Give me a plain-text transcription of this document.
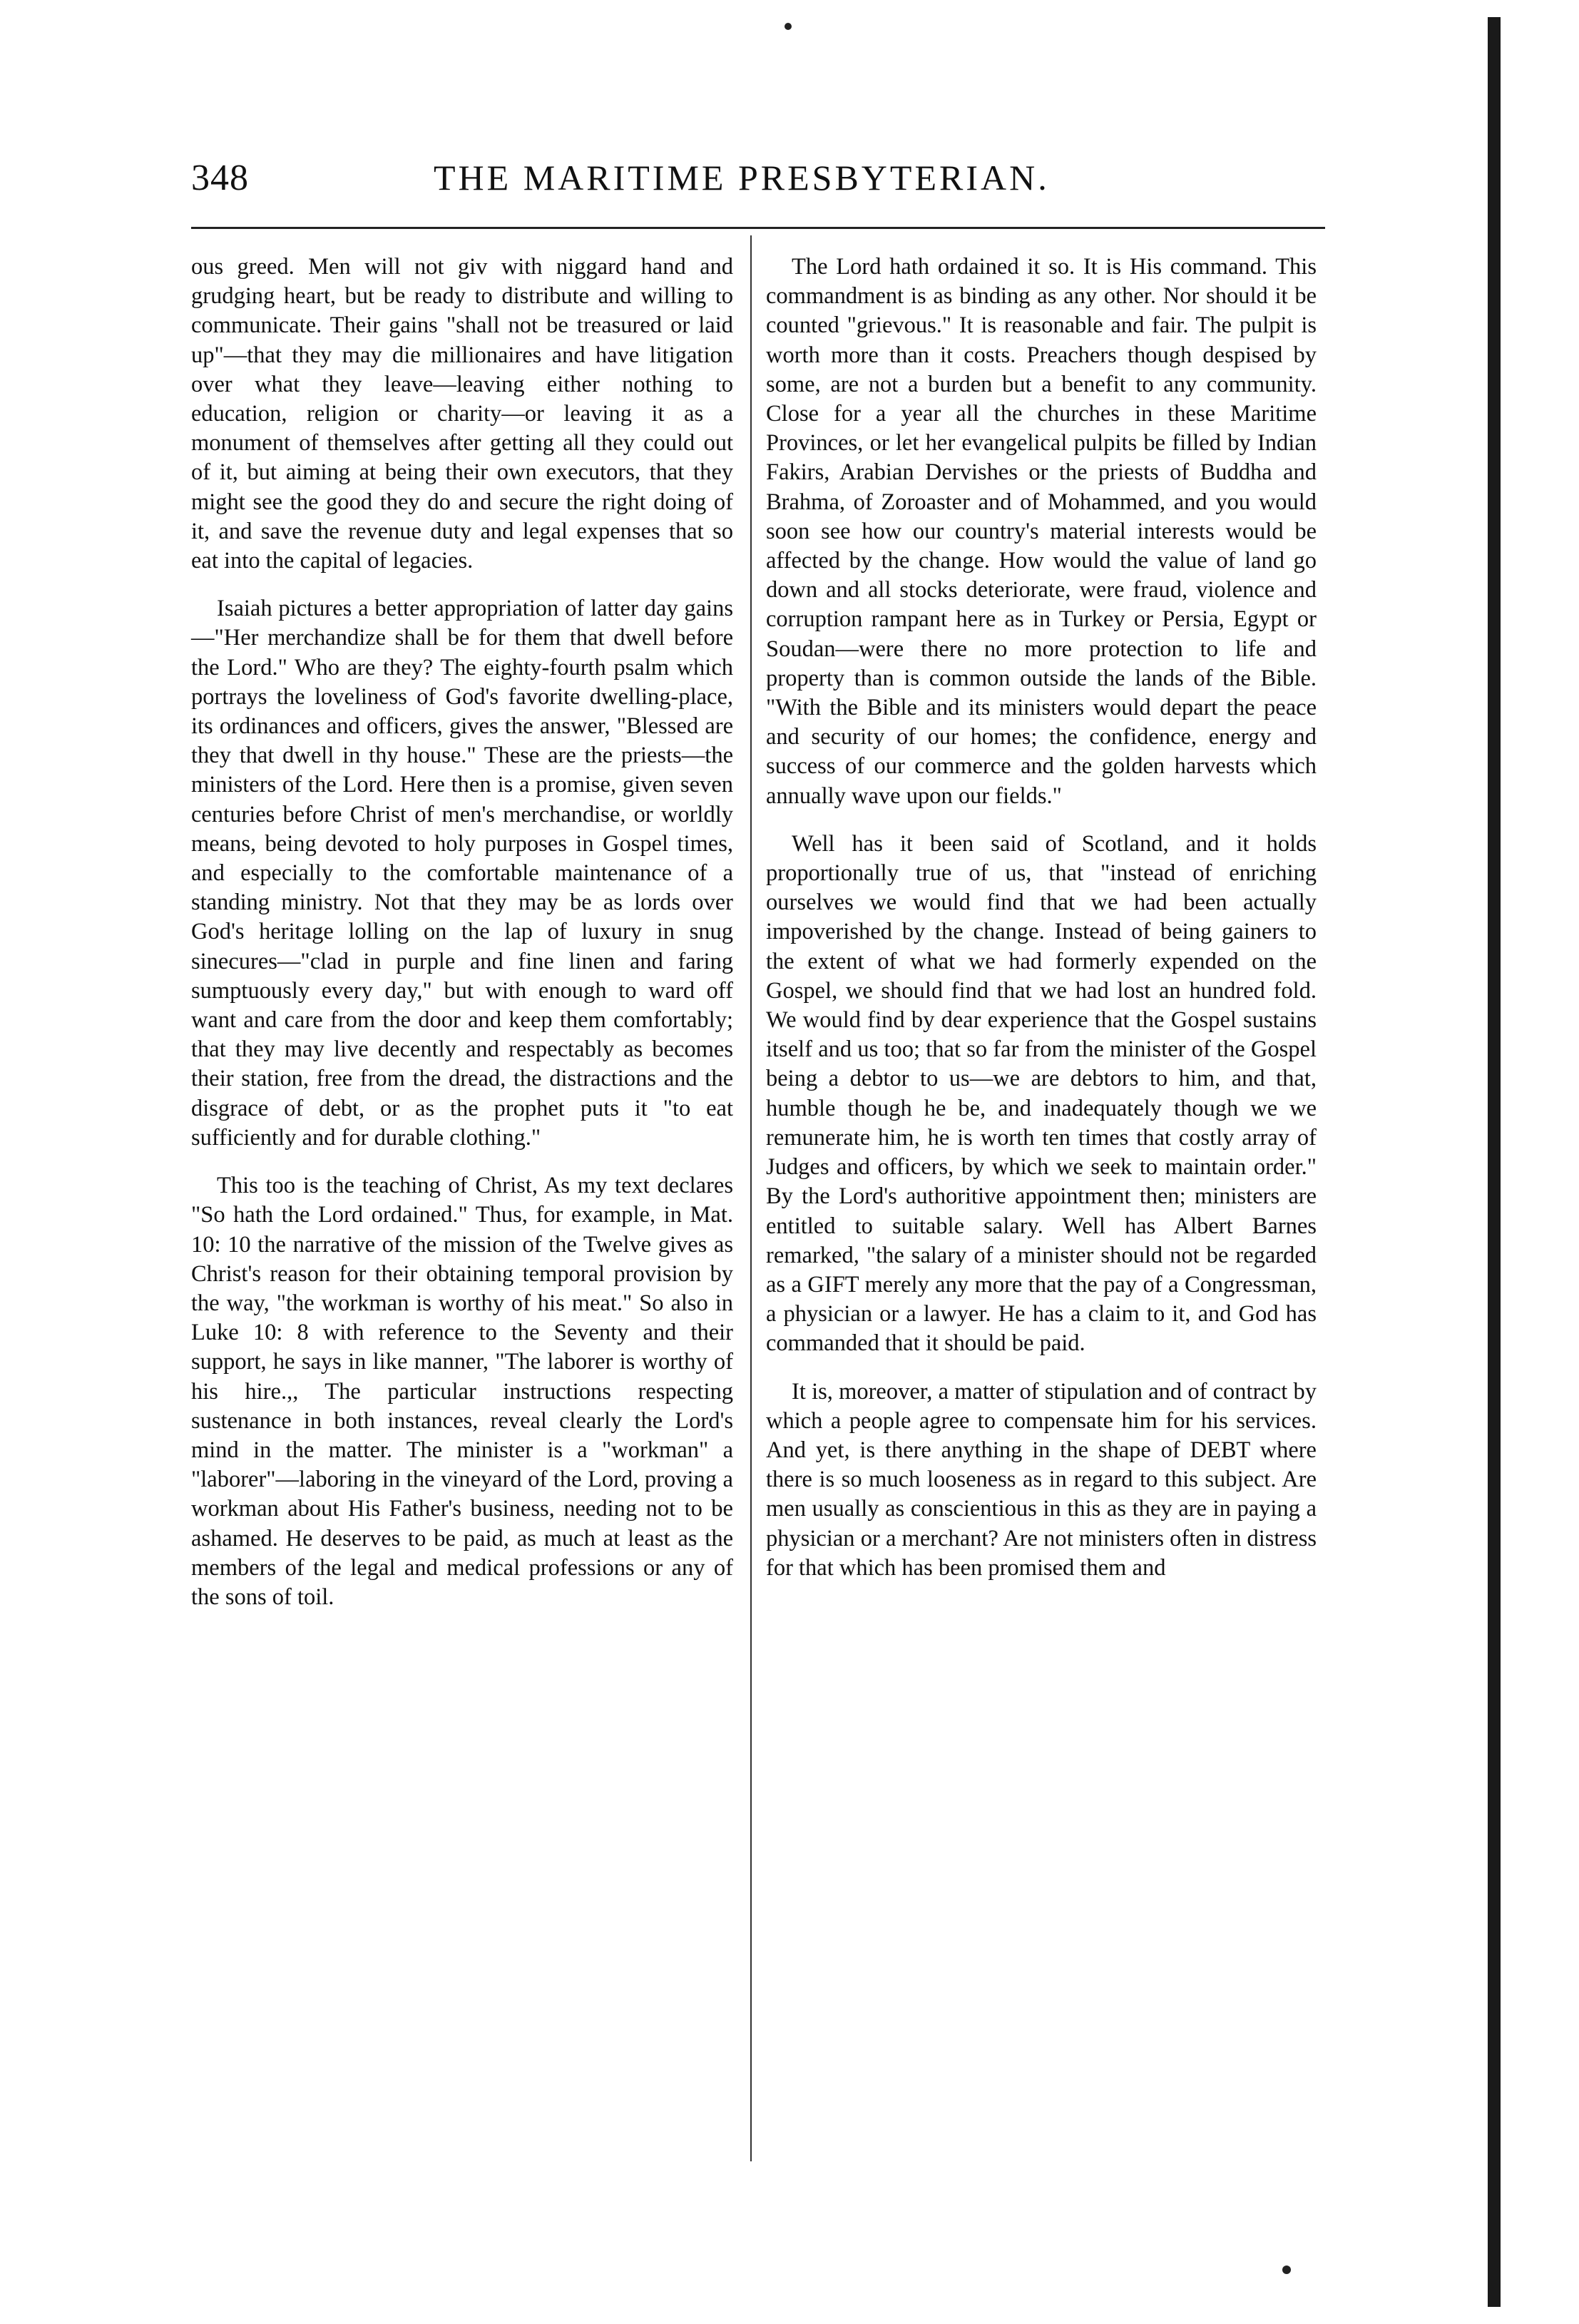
348	THE MARITIME PRESBYTERIAN.

ous greed. Men will not giv with niggard hand and grudging heart, but be ready to distribute and willing to communicate. Their gains "shall not be treasured or laid up"—that they may die millionaires and have litigation over what they leave—leaving either nothing to education, religion or charity—or leaving it as a monument of themselves after getting all they could out of it, but aiming at being their own executors, that they might see the good they do and secure the right doing of it, and save the revenue duty and legal expenses that so eat into the capital of legacies.

Isaiah pictures a better appropriation of latter day gains—"Her merchandize shall be for them that dwell before the Lord." Who are they? The eighty-fourth psalm which portrays the loveliness of God's favorite dwelling-place, its ordinances and officers, gives the answer, "Blessed are they that dwell in thy house." These are the priests—the ministers of the Lord. Here then is a promise, given seven centuries before Christ of men's merchandise, or worldly means, being devoted to holy purposes in Gospel times, and especially to the comfortable maintenance of a standing ministry. Not that they may be as lords over God's heritage lolling on the lap of luxury in snug sinecures—"clad in purple and fine linen and faring sumptuously every day," but with enough to ward off want and care from the door and keep them comfortably; that they may live decently and respectably as becomes their station, free from the dread, the distractions and the disgrace of debt, or as the prophet puts it "to eat sufficiently and for durable clothing."

This too is the teaching of Christ, As my text declares "So hath the Lord ordained." Thus, for example, in Mat. 10: 10 the narrative of the mission of the Twelve gives as Christ's reason for their obtaining temporal provision by the way, "the workman is worthy of his meat." So also in Luke 10: 8 with reference to the Seventy and their support, he says in like manner, "The laborer is worthy of his hire.,, The particular instructions respecting sustenance in both instances, reveal clearly the Lord's mind in the matter. The minister is a "workman" a "laborer"—laboring in the vineyard of the Lord, proving a workman about His Father's business, needing not to be ashamed. He deserves to be paid, as much at least as the members of the legal and medical professions or any of the sons of toil.

The Lord hath ordained it so. It is His command. This commandment is as binding as any other. Nor should it be counted "grievous." It is reasonable and fair. The pulpit is worth more than it costs. Preachers though despised by some, are not a burden but a benefit to any community. Close for a year all the churches in these Maritime Provinces, or let her evangelical pulpits be filled by Indian Fakirs, Arabian Dervishes or the priests of Buddha and Brahma, of Zoroaster and of Mohammed, and you would soon see how our country's material interests would be affected by the change. How would the value of land go down and all stocks deteriorate, were fraud, violence and corruption rampant here as in Turkey or Persia, Egypt or Soudan—were there no more protection to life and property than is common outside the lands of the Bible. "With the Bible and its ministers would depart the peace and security of our homes; the confidence, energy and success of our commerce and the golden harvests which annually wave upon our fields."

Well has it been said of Scotland, and it holds proportionally true of us, that "instead of enriching ourselves we would find that we had been actually impoverished by the change. Instead of being gainers to the extent of what we had formerly expended on the Gospel, we should find that we had lost an hundred fold. We would find by dear experience that the Gospel sustains itself and us too; that so far from the minister of the Gospel being a debtor to us—we are debtors to him, and that, humble though he be, and inadequately though we we remunerate him, he is worth ten times that costly array of Judges and officers, by which we seek to maintain order." By the Lord's authoritive appointment then; ministers are entitled to suitable salary. Well has Albert Barnes remarked, "the salary of a minister should not be regarded as a GIFT merely any more that the pay of a Congressman, a physician or a lawyer. He has a claim to it, and God has commanded that it should be paid.

It is, moreover, a matter of stipulation and of contract by which a people agree to compensate him for his services. And yet, is there anything in the shape of DEBT where there is so much looseness as in regard to this subject. Are men usually as conscientious in this as they are in paying a physician or a merchant? Are not ministers often in distress for that which has been promised them and
